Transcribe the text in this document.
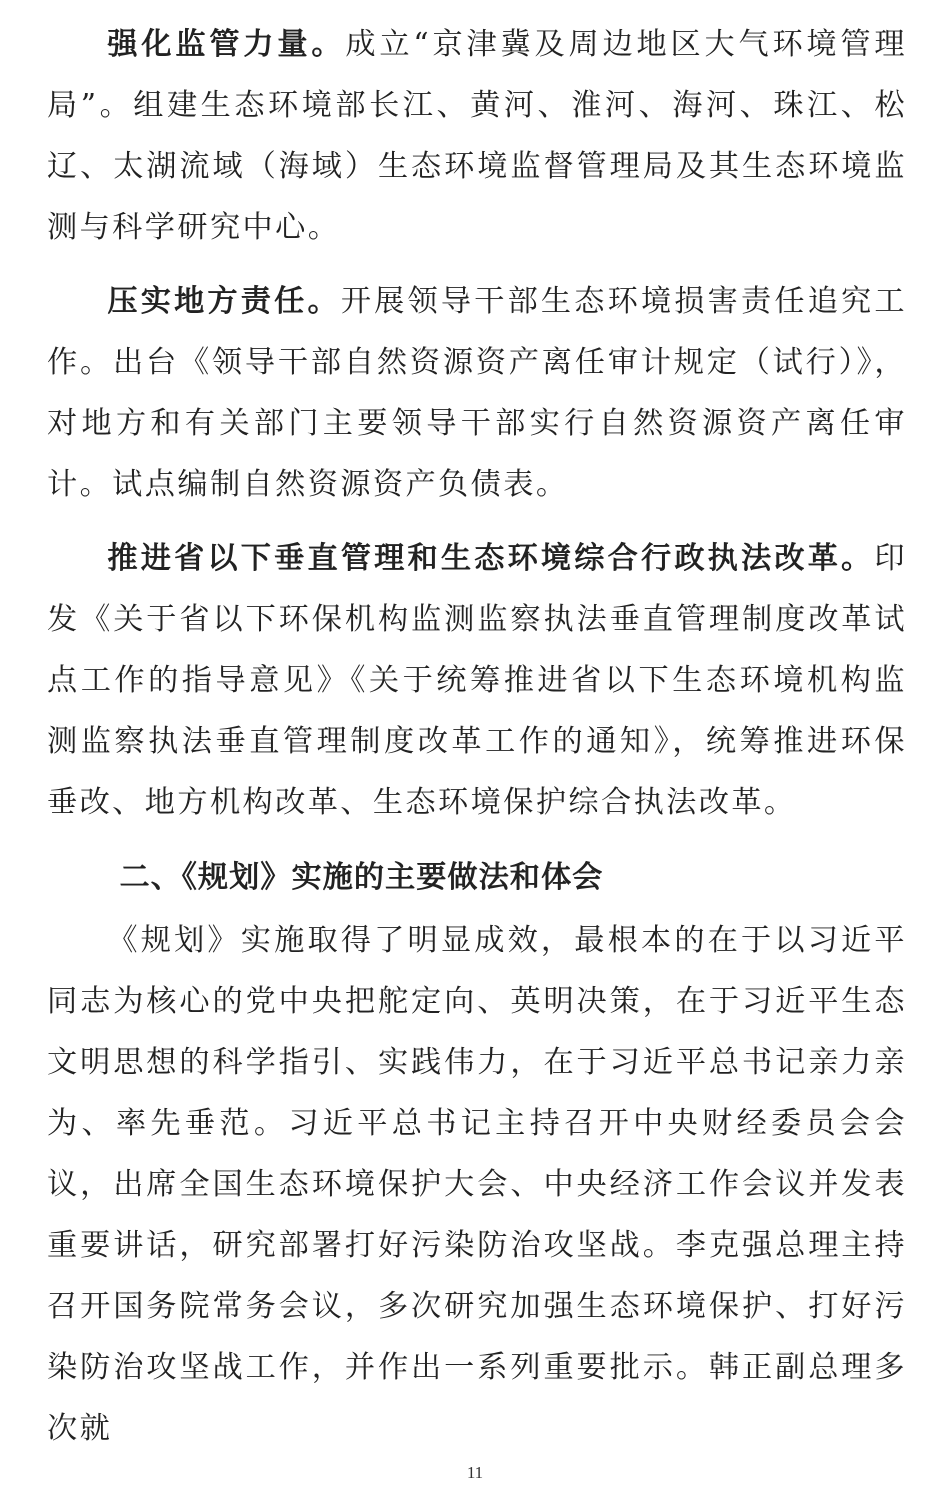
强化监管力量。成立“京津冀及周边地区大气环境管理局”。组建生态环境部长江、黄河、淮河、海河、珠江、松辽、太湖流域（海域）生态环境监督管理局及其生态环境监测与科学研究中心。

压实地方责任。开展领导干部生态环境损害责任追究工作。出台《领导干部自然资源资产离任审计规定（试行）》，对地方和有关部门主要领导干部实行自然资源资产离任审计。试点编制自然资源资产负债表。

推进省以下垂直管理和生态环境综合行政执法改革。印发《关于省以下环保机构监测监察执法垂直管理制度改革试点工作的指导意见》《关于统筹推进省以下生态环境机构监测监察执法垂直管理制度改革工作的通知》，统筹推进环保垂改、地方机构改革、生态环境保护综合执法改革。

二、《规划》实施的主要做法和体会

《规划》实施取得了明显成效，最根本的在于以习近平同志为核心的党中央把舵定向、英明决策，在于习近平生态文明思想的科学指引、实践伟力，在于习近平总书记亲力亲为、率先垂范。习近平总书记主持召开中央财经委员会会议，出席全国生态环境保护大会、中央经济工作会议并发表重要讲话，研究部署打好污染防治攻坚战。李克强总理主持召开国务院常务会议，多次研究加强生态环境保护、打好污染防治攻坚战工作，并作出一系列重要批示。韩正副总理多次就

11
